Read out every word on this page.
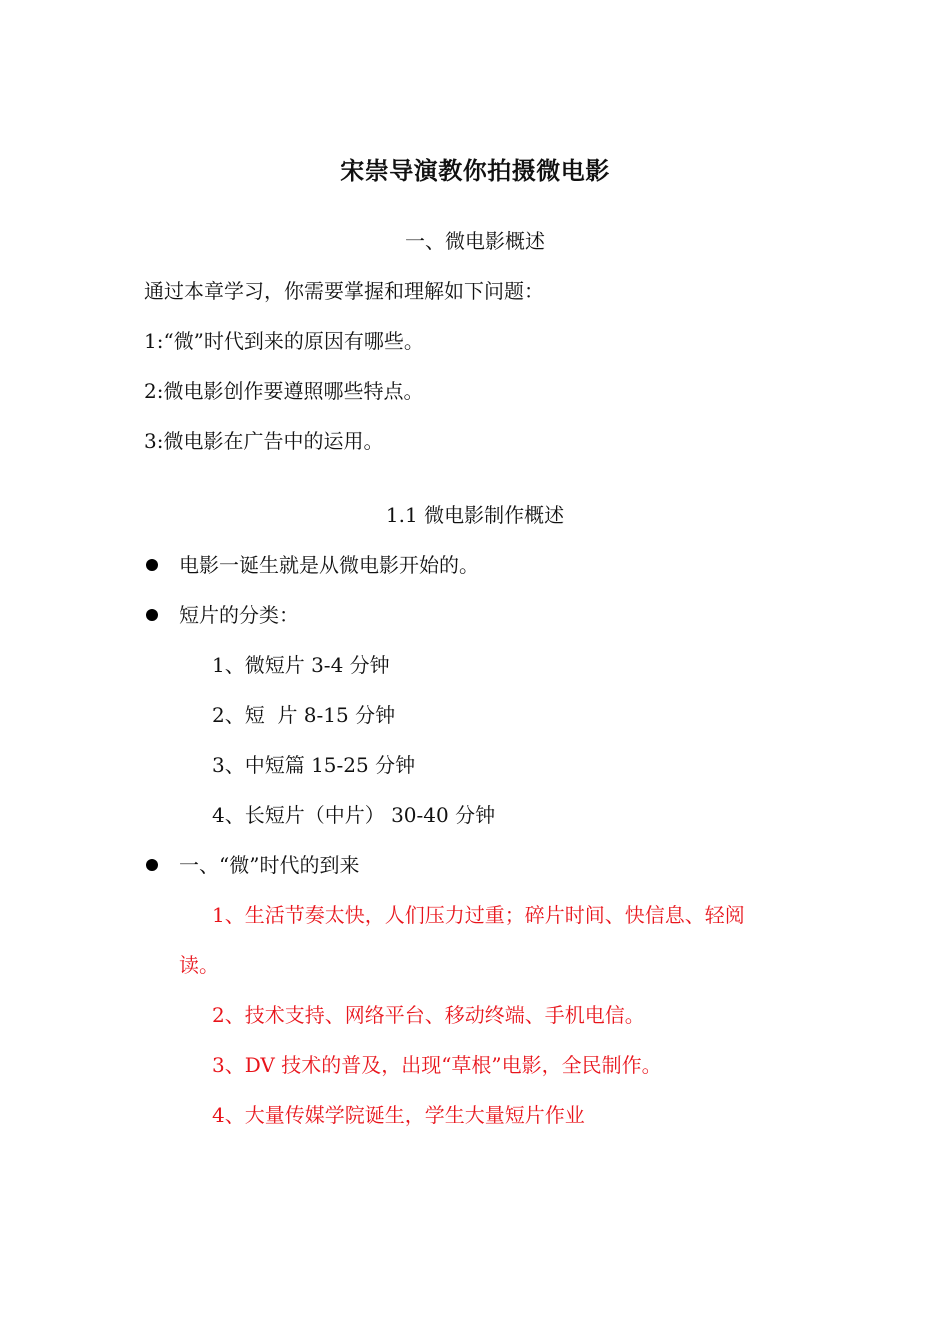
宋崇导演教你拍摄微电影
一、微电影概述
通过本章学习，你需要掌握和理解如下问题：
1:“微”时代到来的原因有哪些。
2:微电影创作要遵照哪些特点。
3:微电影在广告中的运用。
1.1 微电影制作概述
电影一诞生就是从微电影开始的。
短片的分类：
1、微短片 3-4 分钟
2、短  片 8-15 分钟
3、中短篇 15-25 分钟
4、长短片（中片） 30-40 分钟
一、“微”时代的到来
1、生活节奏太快，人们压力过重；碎片时间、快信息、轻阅
读。
2、技术支持、网络平台、移动终端、手机电信。
3、DV 技术的普及，出现“草根”电影，全民制作。
4、大量传媒学院诞生，学生大量短片作业
